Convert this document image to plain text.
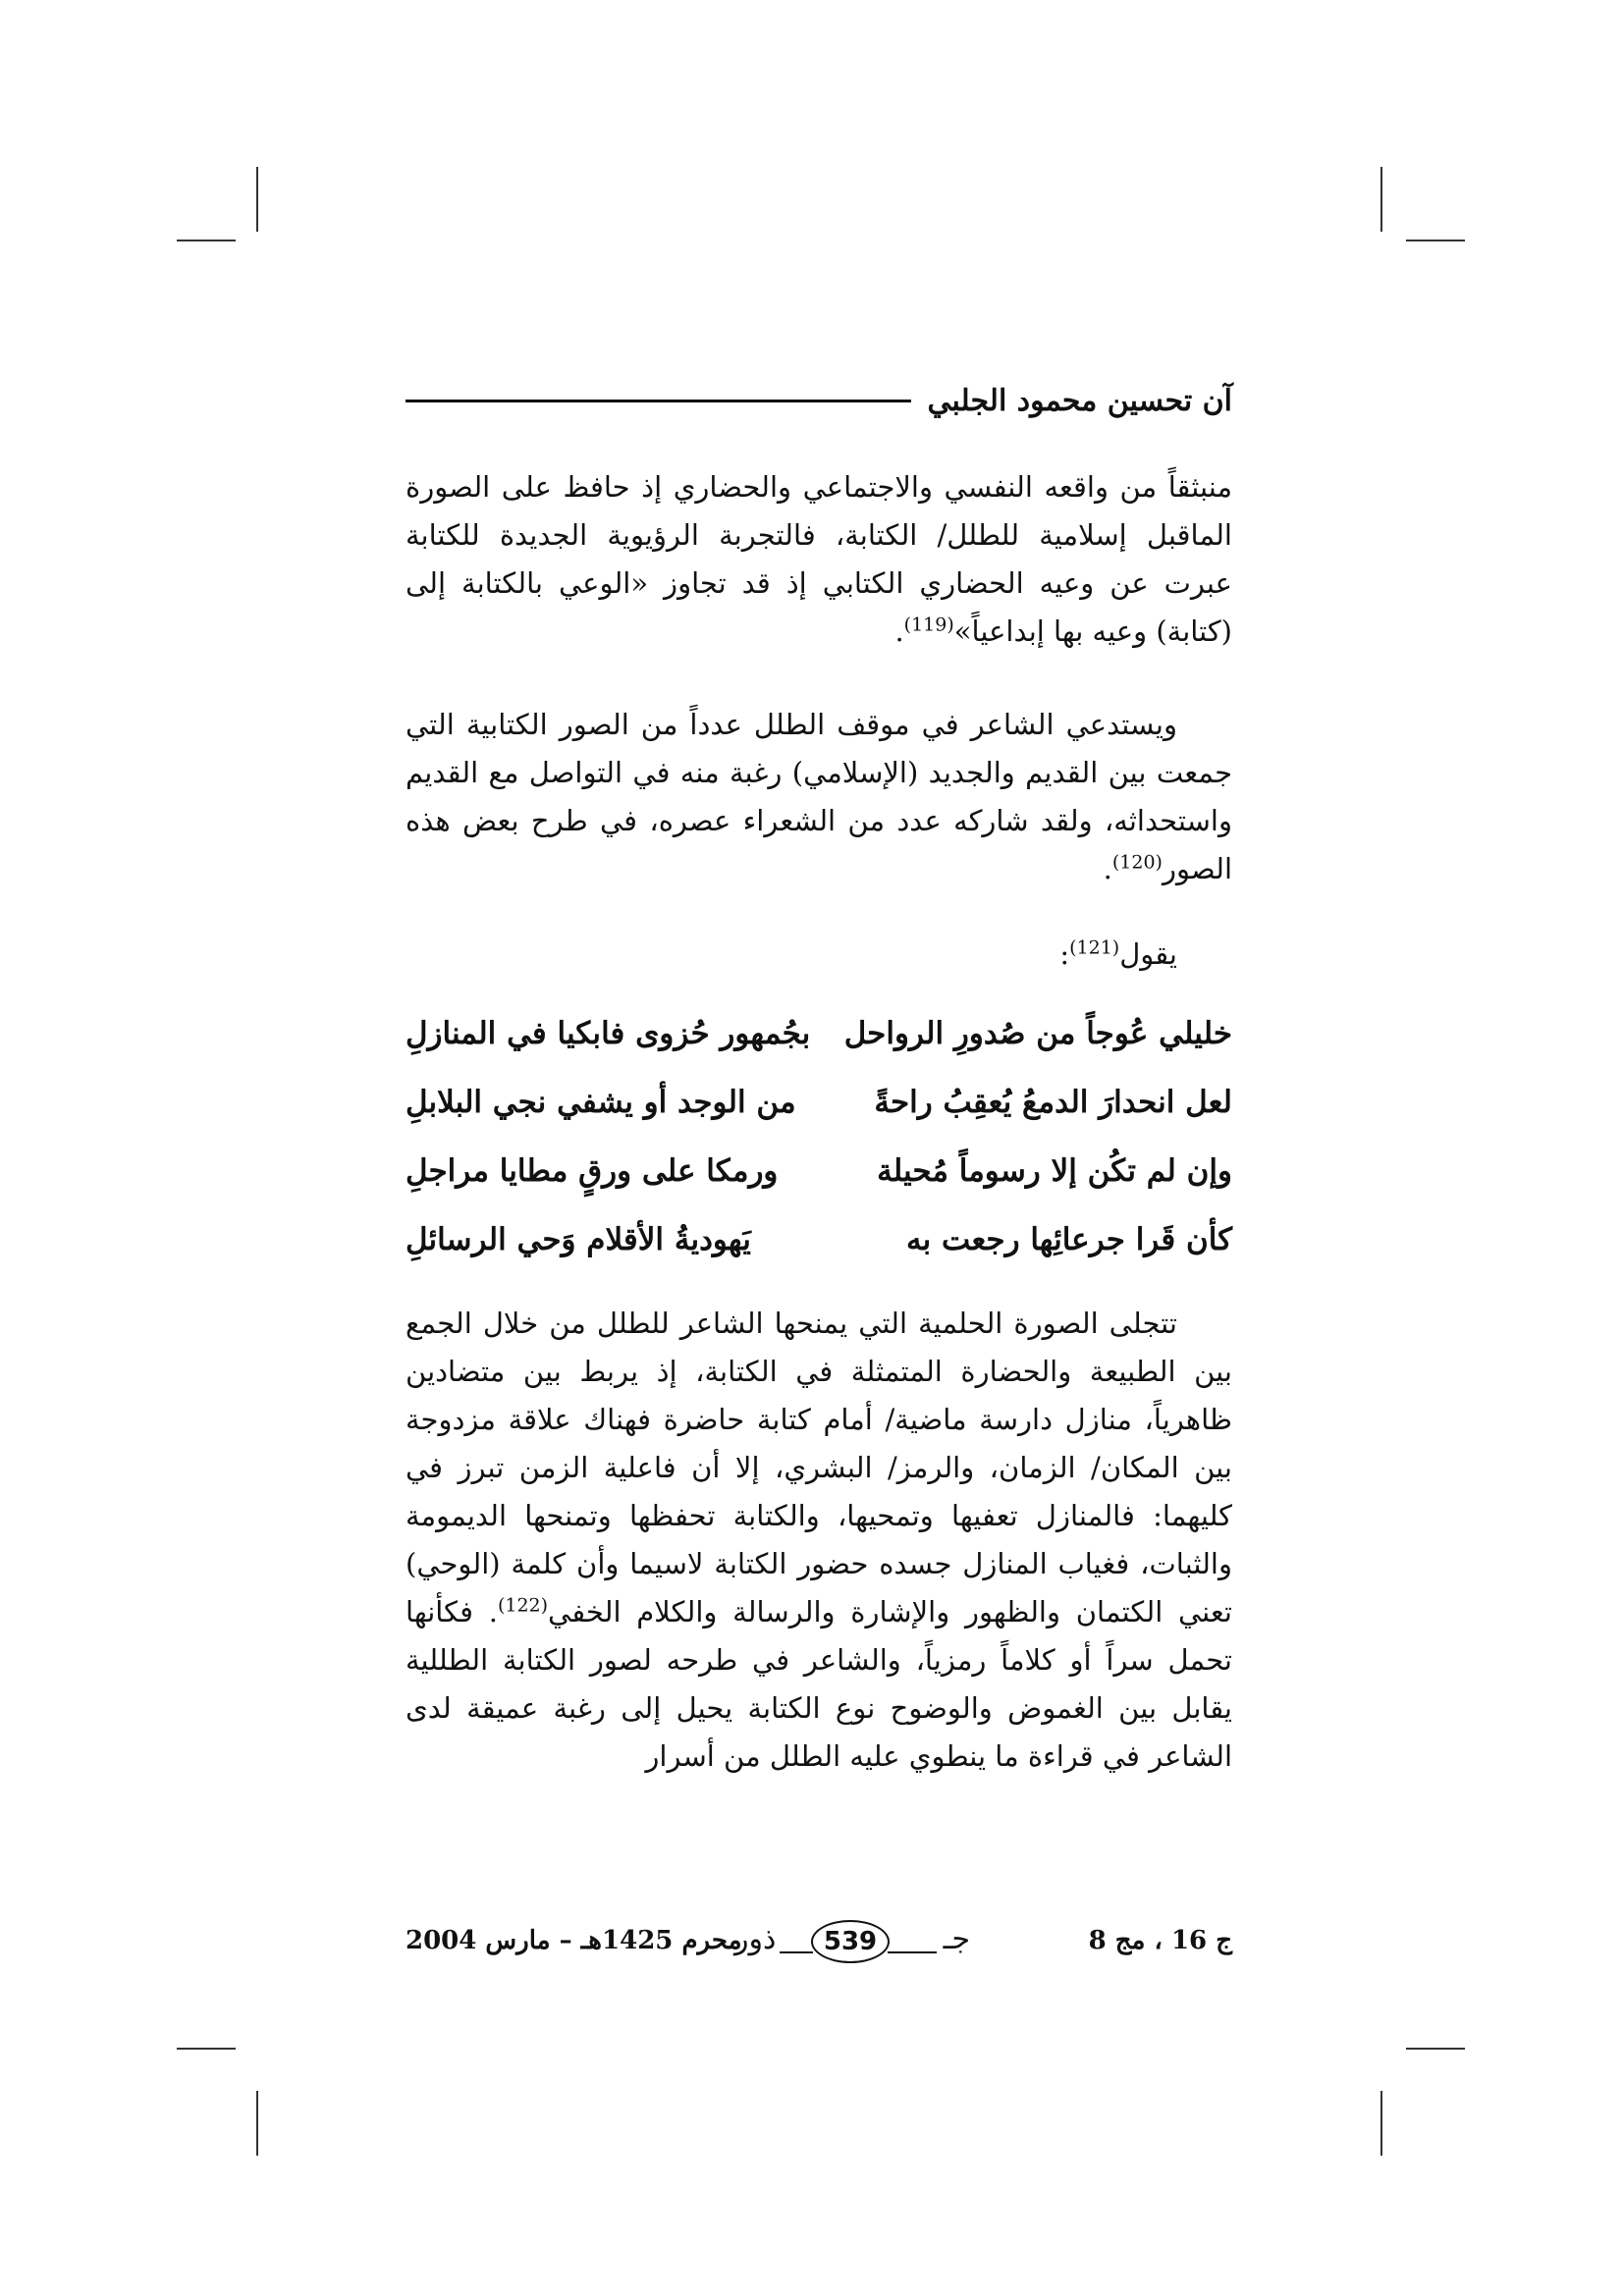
آن تحسين محمود الجلبي

منبثقاً من واقعه النفسي والاجتماعي والحضاري إذ حافظ على الصورة الماقبل إسلامية للطلل/ الكتابة، فالتجربة الرؤيوية الجديدة للكتابة عبرت عن وعيه الحضاري الكتابي إذ قد تجاوز «الوعي بالكتابة إلى (كتابة) وعيه بها إبداعياً»$^{(119)}$.

ويستدعي الشاعر في موقف الطلل عدداً من الصور الكتابية التي جمعت بين القديم والجديد (الإسلامي) رغبة منه في التواصل مع القديم واستحداثه، ولقد شاركه عدد من الشعراء عصره، في طرح بعض هذه الصور$^{(120)}$.

يقول$^{(121)}$:

خليلي عُوجاً من صُدورِ الرواحل
بجُمهور حُزوى فابكيا في المنازلِ
لعل انحدارَ الدمعُ يُعقِبُ راحةً
من الوجد أو يشفي نجي البلابلِ
وإن لم تكُن إلا رسوماً مُحيلة
ورمكا على ورقٍ مطايا مراجلِ
كأن قَرا جرعائِها رجعت به
يَهوديةُ الأقلام وَحي الرسائلِ

تتجلى الصورة الحلمية التي يمنحها الشاعر للطلل من خلال الجمع بين الطبيعة والحضارة المتمثلة في الكتابة، إذ يربط بين متضادين ظاهرياً، منازل دارسة ماضية/ أمام كتابة حاضرة فهناك علاقة مزدوجة بين المكان/ الزمان، والرمز/ البشري، إلا أن فاعلية الزمن تبرز في كليهما: فالمنازل تعفيها وتمحيها، والكتابة تحفظها وتمنحها الديمومة والثبات، فغياب المنازل جسده حضور الكتابة لاسيما وأن كلمة (الوحي) تعني الكتمان والظهور والإشارة والرسالة والكلام الخفي$^{(122)}$. فكأنها تحمل سراً أو كلاماً رمزياً، والشاعر في طرحه لصور الكتابة الطللية يقابل بين الغموض والوضوح نوع الكتابة يحيل إلى رغبة عميقة لدى الشاعر في قراءة ما ينطوي عليه الطلل من أسرار

ج 16 ، مج 8
ذور	539	جـ
محرم 1425هـ – مارس 2004
